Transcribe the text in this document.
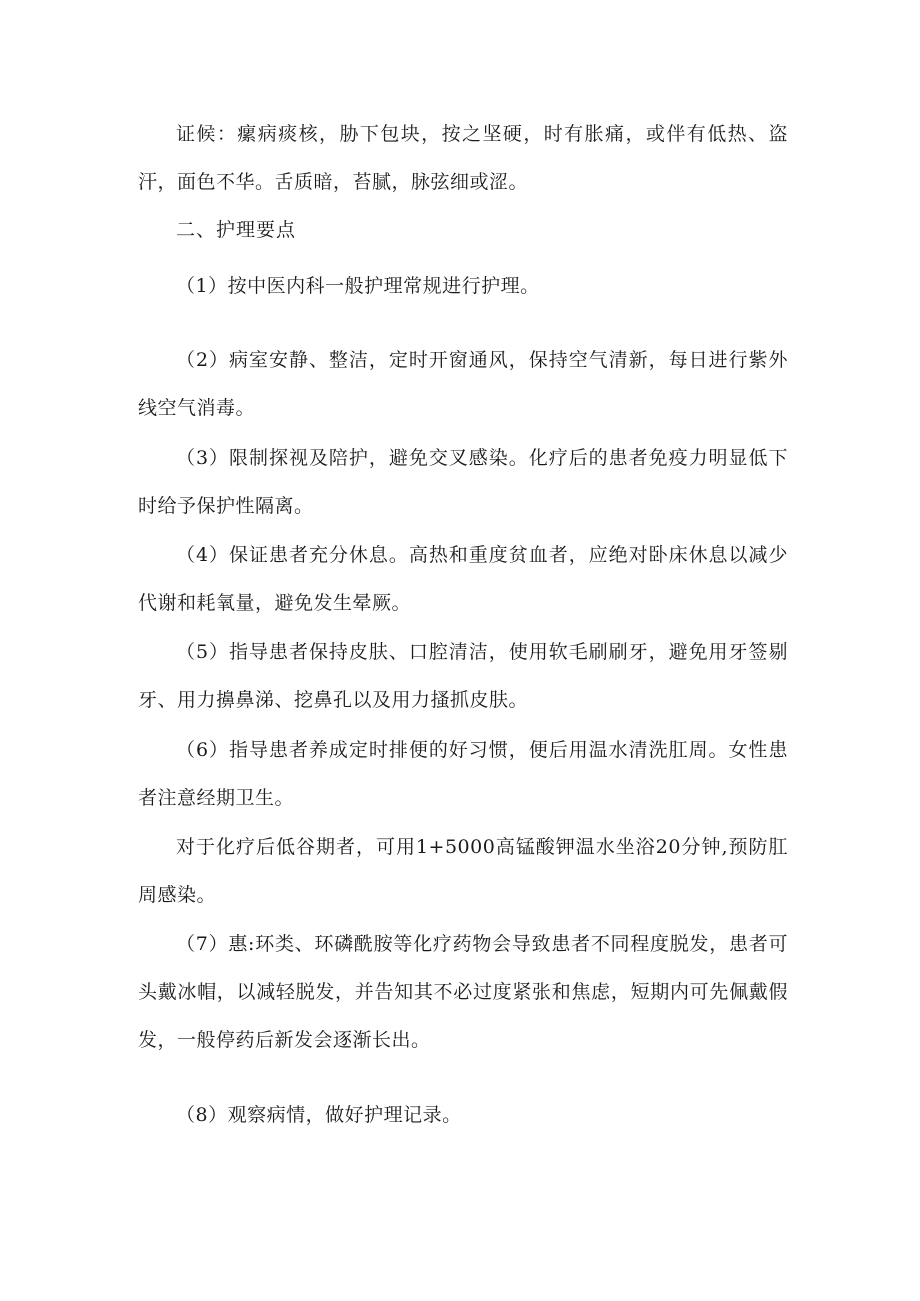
证候：瘰病痰核，胁下包块，按之坚硬，时有胀痛，或伴有低热、盗汗，面色不华。舌质暗，苔腻，脉弦细或涩。

二、护理要点

（1）按中医内科一般护理常规进行护理。

（2）病室安静、整洁，定时开窗通风，保持空气清新，每日进行紫外线空气消毒。

（3）限制探视及陪护，避免交叉感染。化疗后的患者免疫力明显低下时给予保护性隔离。

（4）保证患者充分休息。高热和重度贫血者，应绝对卧床休息以减少代谢和耗氧量，避免发生晕厥。

（5）指导患者保持皮肤、口腔清洁，使用软毛刷刷牙，避免用牙签剔牙、用力擤鼻涕、挖鼻孔以及用力搔抓皮肤。

（6）指导患者养成定时排便的好习惯，便后用温水清洗肛周。女性患者注意经期卫生。

对于化疗后低谷期者，可用1+5000高锰酸钾温水坐浴20分钟,预防肛周感染。

（7）惠:环类、环磷酰胺等化疗药物会导致患者不同程度脱发，患者可头戴冰帽，以减轻脱发，并告知其不必过度紧张和焦虑，短期内可先佩戴假发，一般停药后新发会逐渐长出。

（8）观察病情，做好护理记录。
